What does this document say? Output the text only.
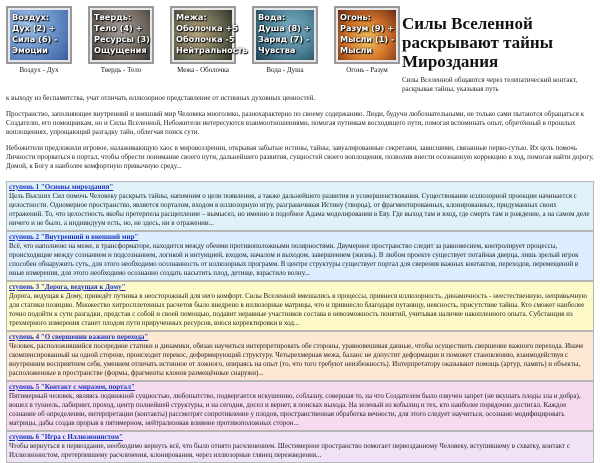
Воздух:
Дух (2) +
Сила (6) -
Эмоции
Воздух - Дух
Твердь:
Тело (4) +
Ресурсы (3)
Ощущения
Твердь - Тело
Межа:
Оболочка +5
Оболочка -5
Нейтральность
Межа - Оболочка
Вода:
Душа (8) +
Заряд (7) -
Чувства
Вода - Душа
Огонь:
Разум (9) +
Мысли (1) -
Мысли
Огонь - Разум
Силы Вселенной раскрывают тайны Мироздания
Силы Вселенной общаются через телепатический контакт, раскрывая тайны, указывая путь

к выходу из беспамятства, учат отличать иллюзорное представление от истинных духовных ценностей.

Пространство, заполняющее внутренний и внешний мир Человека многолико, разнохарактерно по своему содержанию. Люди, будучи любознательными, не только сами пытаются обращаться к Создателю, его помощникам, но и Силы Вселенной, Небожители интересуются взаимоотношениями, помогая путникам восходящего пути, помогая вспоминать опыт, обретённый в прошлых воплощениях, упрощающий разгадку тайн, облегчая поиск сути.

Небожители предложили игровое, налаживающую хаос в мировоззрении, открывая забытые истины, тайны, завуалированные секретами, зависшими, связанные перво-сутью. Их цель помочь Личности прорваться в портал, чтобы обрести понимание своего пути, дальнейшего развития, сущностей своего воплощения, позволив внести осознанную коррекцию в ход, помогая найти дорогу, Домой, к Богу в наиболее комфортную привычную среду...

ступень 1 "Основы мироздания"
Цель Высших Сил помочь Человеку раскрыть тайны, напомним о цели появления, а также дальнейшего развития и усовершенствования. Существование иллюзорной проекции начинается с целостности. Одномерное пространство, является порталом, входом в иллюзорную игру, разграничивая Истину (творца), от фрагментированных, клонированных, придуманных своих отражений. То, что целостность якобы претерпела расщепление – вымысел, но именно в подобное Адама моделирования в Еву. Где выход там и вход, где смерть там и рождение, а на самом деле ничего и не было, а индивидуум есть, но, не здесь, ни в отражении...
ступень 2 "Внутренний и внешний мир"
Всё, что наполнено на меже, в трансформаторе, находится между обеими противоположными полярностями. Двумерное пространство следит за равновесием, контролирует процессы, происходящие между сознанием и подсознанием, логикой и интуицией, входом, началом и выходом, завершением (жизнь). В любом проекте существует потайная дверца, лишь зрелый игрок способен обнаружить суть, для этого необходимо осознанность от иллюзорных программ. В центре структуры существует портал для сверения важных контактов, переходов, перемещений в иные измерения, для этого необходимо осознанно создать насытить плод, детище, взрастило волну...
ступень 3 "Дорога, ведущая к Дому"
Дорога, ведущая к Дому, приведёт путника в неосторожный для него комфорт. Силы Вселенной вмешались в процессы, привнеся иллюзорность, динамичность - неестественную, непривычную для статики позицию. Множество хитросплетенных расчетов было внедрено в иллюзорные матрицы, что и привнесло благодаря путаницу, неясность, присутствие тайны. Кто сможет наиболее точно подойти к сути разгадки, представ с собой и своей помощью, подавит неравные участников состава в невозможность понятий, учитывая наличие накопленного опыта. Субстанция из трехмерного измерения станет плодом пути прирученных ресурсов, внося корректировки в ход...
ступень 4 "О свершении важного перехода"
Человек, расположившийся посередине статики и динамики, обязан научиться интерпретировать обе стороны, уравновешивая данные, чтобы осуществить свершение важного перехода. Иначе скомпенсированный на одной стороне, происходит перекос, деформирующий структуру. Четырехмерная межа, баланс не допустит деформации и поможет становлению, взаимодействуя с внутренним восприятием себя, умением отличать истинное от ложного, опираясь на опыт (то, что того требуют неизбежность). Интерпретатору оказывают помощь (артур, память) и объекты, расположенные в пространстве (формы, фрагменты клонов размещённые снаружи)...
ступень 5 "Контакт с миразом, портал"
Пятимерный человек, являясь подвижной сущностью, любопытство, подвергается искушению, соблазну, совершая то, на что Создателем было озвучен запрет (не вкушать плоды зла и добра), вошел в туннель, лабиринт, проход, центр полнейшей структуры, и на сегодня, досел и вернет, в поисках выхода. На зеленый из кобылиц и тех, кто наиболее порядочно достигал. Каждое сознание об определении, интерпретации (контакты) рассмотрят сопротивление у плодов, пространственная обработка вечности, для этого следует научиться, осознано модифицировать матрицы, дабы создав прорыв в пятимерном, нейтрализовав влияние противоположных сторон...
ступень 6 "Игра с Иллюзионистом"
Чтобы вернуться в первоздание, необходимо вернуть всё, что было отнято расчленением. Шестимерное пространство помогает первозданному Человеку, вступившему в схватку, контакт с Иллюзионистом, претерпевшему расчленения, клонирования, через иллюзорные глянец пережведения...
